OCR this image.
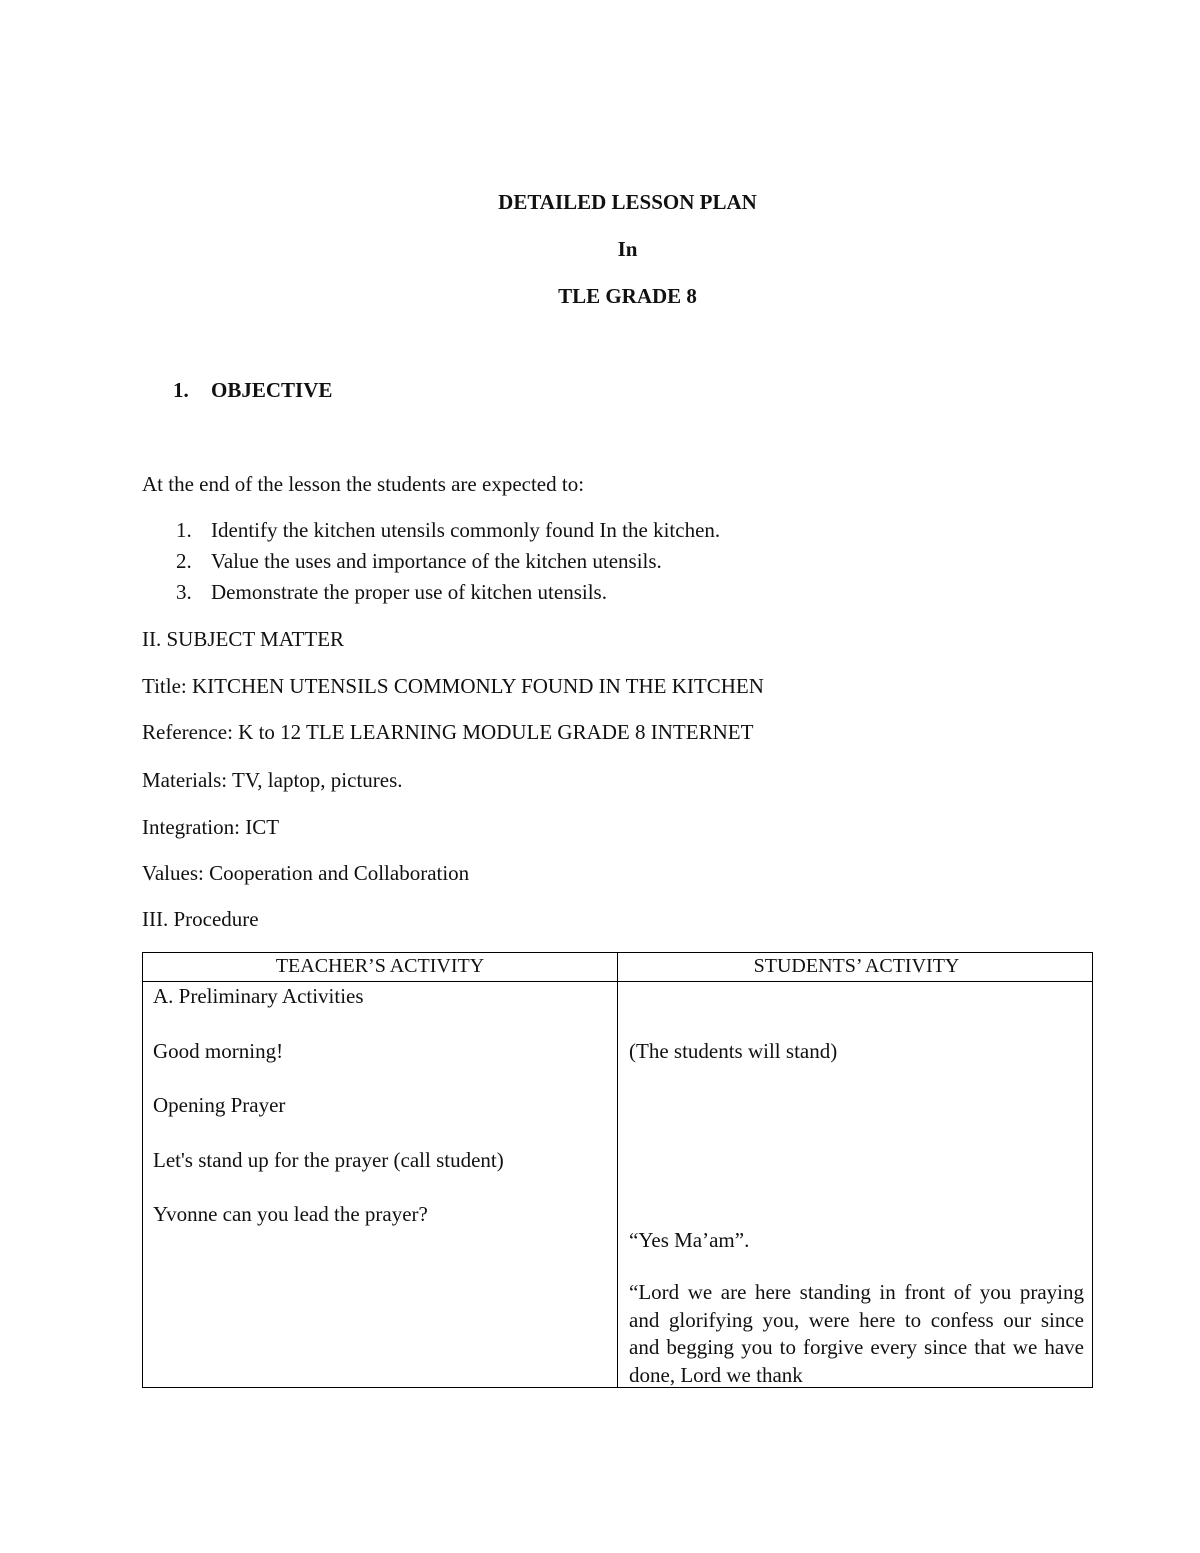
DETAILED LESSON PLAN
In
TLE GRADE 8
1. OBJECTIVE
At the end of the lesson the students are expected to:
1. Identify the kitchen utensils commonly found In the kitchen.
2. Value the uses and importance of the kitchen utensils.
3. Demonstrate the proper use of kitchen utensils.
II. SUBJECT MATTER
Title: KITCHEN UTENSILS COMMONLY FOUND IN THE KITCHEN
Reference: K to 12 TLE LEARNING MODULE GRADE 8 INTERNET
Materials: TV, laptop, pictures.
Integration: ICT
Values: Cooperation and Collaboration
III. Procedure
TEACHER’S ACTIVITY	STUDENTS’ ACTIVITY
A. Preliminary Activities
Good morning!
Opening Prayer
Let's stand up for the prayer (call student)
Yvonne can you lead the prayer?
(The students will stand)
“Yes Ma’am”.
“Lord we are here standing in front of you praying and glorifying you, were here to confess our since and begging you to forgive every since that we have done, Lord we thank
